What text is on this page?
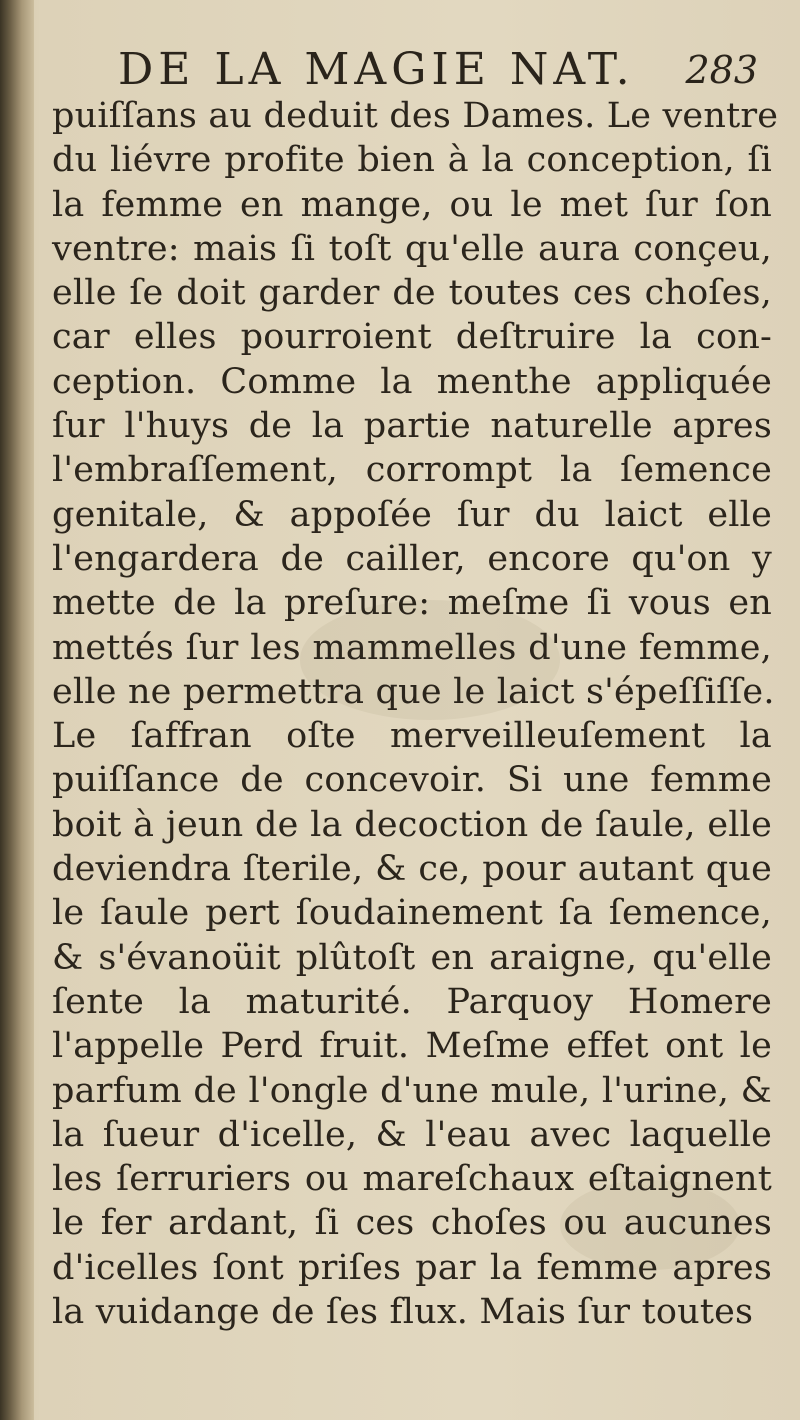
DE LA MAGIE NAT. 283
puiſſans au deduit des Dames. Le ventre
du liévre profite bien à la conception, ſi
la femme en mange, ou le met ſur ſon
ventre: mais ſi toſt qu'elle aura conçeu,
elle ſe doit garder de toutes ces choſes,
car elles pourroient deſtruire la con-
ception. Comme la menthe appliquée
ſur l'huys de la partie naturelle apres
l'embraſſement, corrompt la ſemence
genitale, & appoſée ſur du laict elle
l'engardera de cailler, encore qu'on y
mette de la preſure: meſme ſi vous en
mettés ſur les mammelles d'une femme,
elle ne permettra que le laict s'épeſſiſſe.
Le ſaffran oſte merveilleuſement la
puiſſance de concevoir. Si une femme
boit à jeun de la decoction de ſaule, elle
deviendra ſterile, & ce, pour autant que
le ſaule pert ſoudainement ſa ſemence,
& s'évanoüit plûtoſt en araigne, qu'elle
ſente la maturité. Parquoy Homere
l'appelle Perd fruit. Meſme effet ont le
parfum de l'ongle d'une mule, l'urine, &
la ſueur d'icelle, & l'eau avec laquelle
les ſerruriers ou mareſchaux eſtaignent
le fer ardant, ſi ces choſes ou aucunes
d'icelles ſont priſes par la femme apres
la vuidange de ſes flux. Mais ſur toutes
